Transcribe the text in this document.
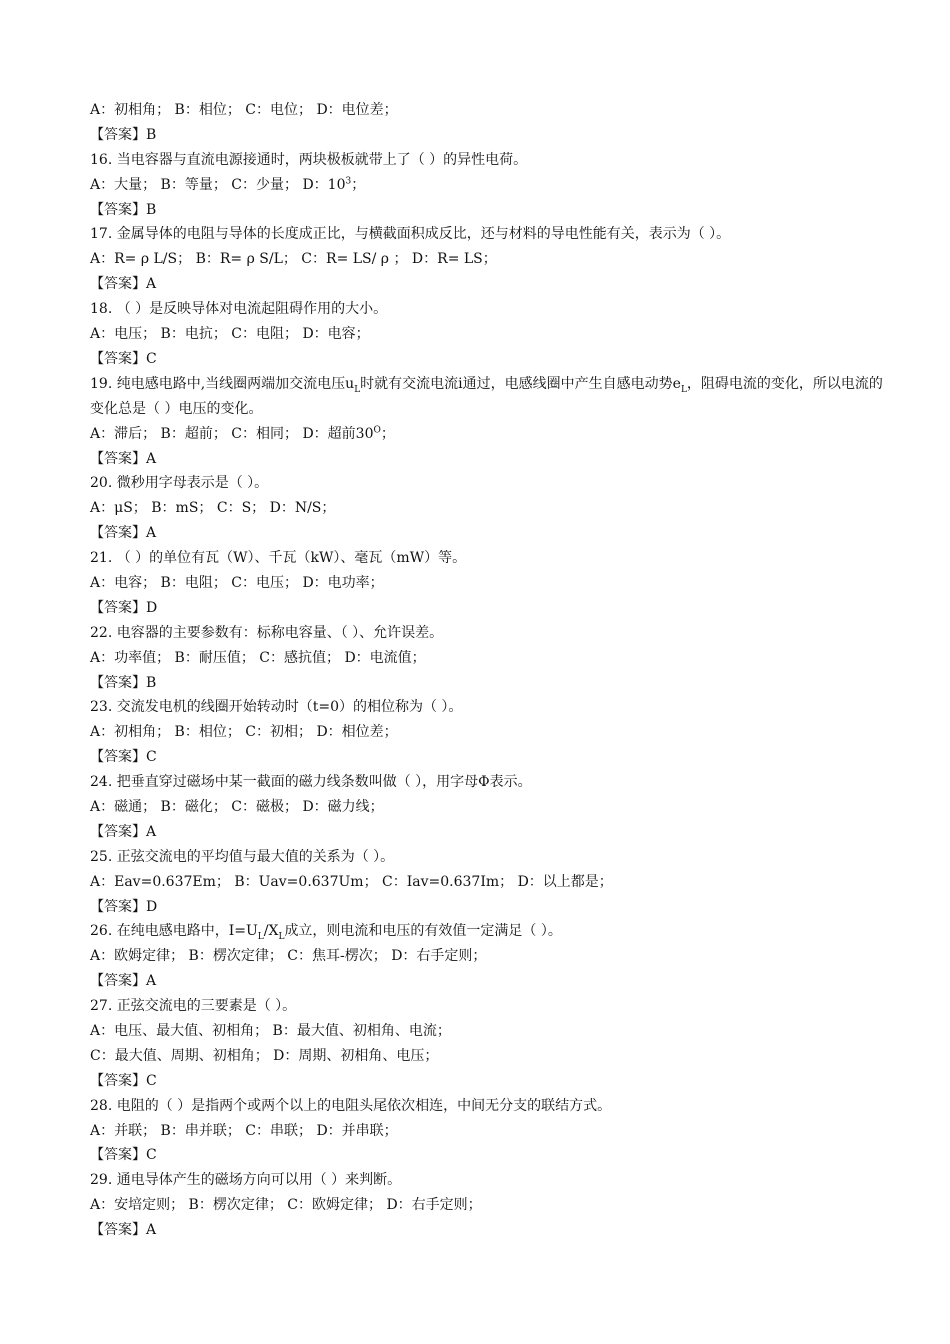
A：初相角； B：相位； C：电位； D：电位差；
【答案】B
16. 当电容器与直流电源接通时，两块极板就带上了（ ）的异性电荷。
A：大量； B：等量； C：少量； D：$10^3$；
【答案】B
17. 金属导体的电阻与导体的长度成正比，与横截面积成反比，还与材料的导电性能有关，表示为（ ）。
A：R= ρ L/S； B：R= ρ S/L； C：R= LS/ ρ ； D：R= LS；
【答案】A
18. （ ）是反映导体对电流起阻碍作用的大小。
A：电压； B：电抗； C：电阻； D：电容；
【答案】C
19. 纯电感电路中,当线圈两端加交流电压$u_L$时就有交流电流i通过，电感线圈中产生自感电动势$e_L$，阻碍电流的变化，所以电流的变化总是（ ）电压的变化。
A：滞后； B：超前； C：相同； D：超前$30^O$；
【答案】A
20. 微秒用字母表示是（ ）。
A：μS； B：mS； C：S； D：N/S；
【答案】A
21. （ ）的单位有瓦（W）、千瓦（kW）、毫瓦（mW）等。
A：电容； B：电阻； C：电压； D：电功率；
【答案】D
22. 电容器的主要参数有：标称电容量、（ ）、允许误差。
A：功率值； B：耐压值； C：感抗值； D：电流值；
【答案】B
23. 交流发电机的线圈开始转动时（t=0）的相位称为（ ）。
A：初相角； B：相位； C：初相； D：相位差；
【答案】C
24. 把垂直穿过磁场中某一截面的磁力线条数叫做（ ），用字母Φ表示。
A：磁通； B：磁化； C：磁极； D：磁力线；
【答案】A
25. 正弦交流电的平均值与最大值的关系为（ ）。
A：Eav=0.637Em； B：Uav=0.637Um； C：Iav=0.637Im； D：以上都是；
【答案】D
26. 在纯电感电路中，$I=U_L/X_L$成立，则电流和电压的有效值一定满足（ ）。
A：欧姆定律； B：楞次定律； C：焦耳-楞次； D：右手定则；
【答案】A
27. 正弦交流电的三要素是（ ）。
A：电压、最大值、初相角； B：最大值、初相角、电流；
C：最大值、周期、初相角； D：周期、初相角、电压；
【答案】C
28. 电阻的（ ）是指两个或两个以上的电阻头尾依次相连，中间无分支的联结方式。
A：并联； B：串并联； C：串联； D：并串联；
【答案】C
29. 通电导体产生的磁场方向可以用（ ）来判断。
A：安培定则； B：楞次定律； C：欧姆定律； D：右手定则；
【答案】A
